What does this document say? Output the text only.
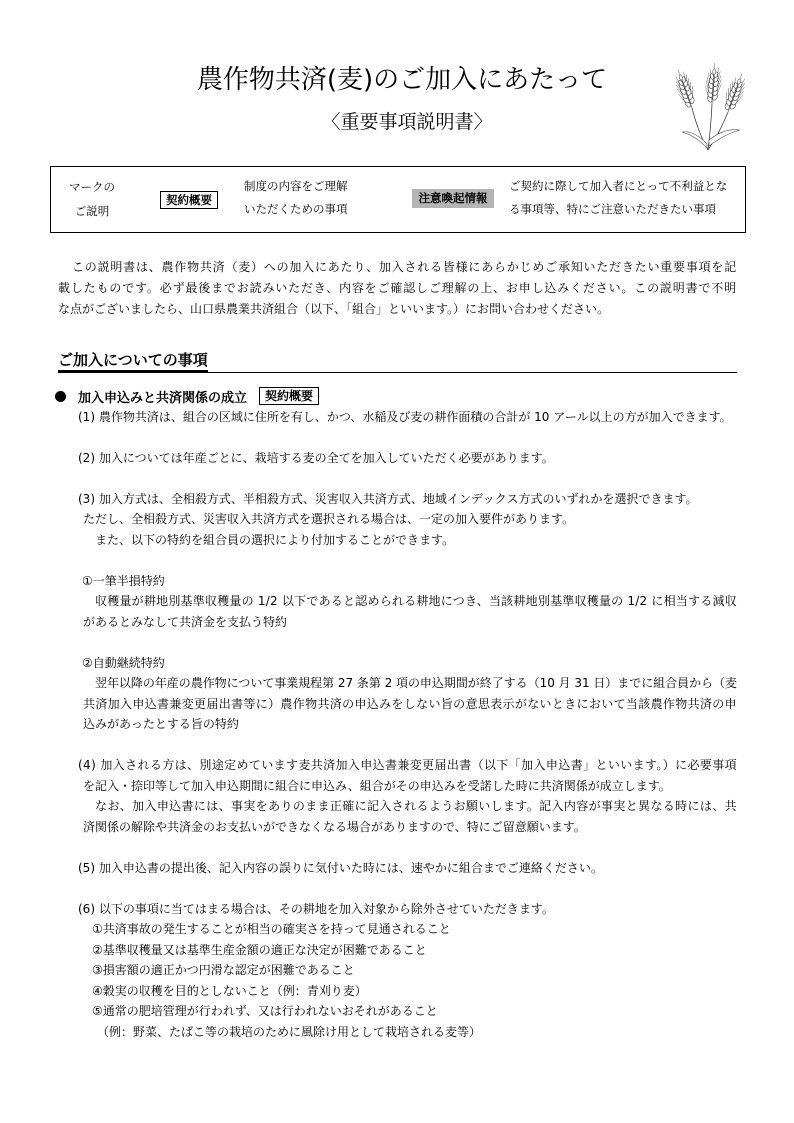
農作物共済(麦)のご加入にあたって
〈重要事項説明書〉
マークの
ご説明
契約概要
制度の内容をご理解
いただくための事項
注意喚起情報
ご契約に際して加入者にとって不利益とな
る事項等、特にご注意いただきたい事項
この説明書は、農作物共済（麦）への加入にあたり、加入される皆様にあらかじめご承知いただきたい重要事項を記
載したものです。必ず最後までお読みいただき、内容をご確認しご理解の上、お申し込みください。この説明書で不明
な点がございましたら、山口県農業共済組合（以下、「組合」といいます。）にお問い合わせください。
ご加入についての事項
加入申込みと共済関係の成立	契約概要
(1) 農作物共済は、組合の区域に住所を有し、かつ、水稲及び麦の耕作面積の合計が 10 アール以上の方が加入できます。
(2) 加入については年産ごとに、栽培する麦の全てを加入していただく必要があります。
(3) 加入方式は、全相殺方式、半相殺方式、災害収入共済方式、地域インデックス方式のいずれかを選択できます。
ただし、全相殺方式、災害収入共済方式を選択される場合は、一定の加入要件があります。
また、以下の特約を組合員の選択により付加することができます。
①一筆半損特約
収穫量が耕地別基準収穫量の 1/2 以下であると認められる耕地につき、当該耕地別基準収穫量の 1/2 に相当する減収
があるとみなして共済金を支払う特約
②自動継続特約
翌年以降の年産の農作物について事業規程第 27 条第 2 項の申込期間が終了する（10 月 31 日）までに組合員から（麦
共済加入申込書兼変更届出書等に）農作物共済の申込みをしない旨の意思表示がないときにおいて当該農作物共済の申
込みがあったとする旨の特約
(4) 加入される方は、別途定めています麦共済加入申込書兼変更届出書（以下「加入申込書」といいます。）に必要事項
を記入・捺印等して加入申込期間に組合に申込み、組合がその申込みを受諾した時に共済関係が成立します。
なお、加入申込書には、事実をありのまま正確に記入されるようお願いします。記入内容が事実と異なる時には、共
済関係の解除や共済金のお支払いができなくなる場合がありますので、特にご留意願います。
(5) 加入申込書の提出後、記入内容の誤りに気付いた時には、速やかに組合までご連絡ください。
(6) 以下の事項に当てはまる場合は、その耕地を加入対象から除外させていただきます。
①共済事故の発生することが相当の確実さを持って見通されること
②基準収穫量又は基準生産金額の適正な決定が困難であること
③損害額の適正かつ円滑な認定が困難であること
④穀実の収穫を目的としないこと（例：青刈り麦）
⑤通常の肥培管理が行われず、又は行われないおそれがあること
（例：野菜、たばこ等の栽培のために風除け用として栽培される麦等）
